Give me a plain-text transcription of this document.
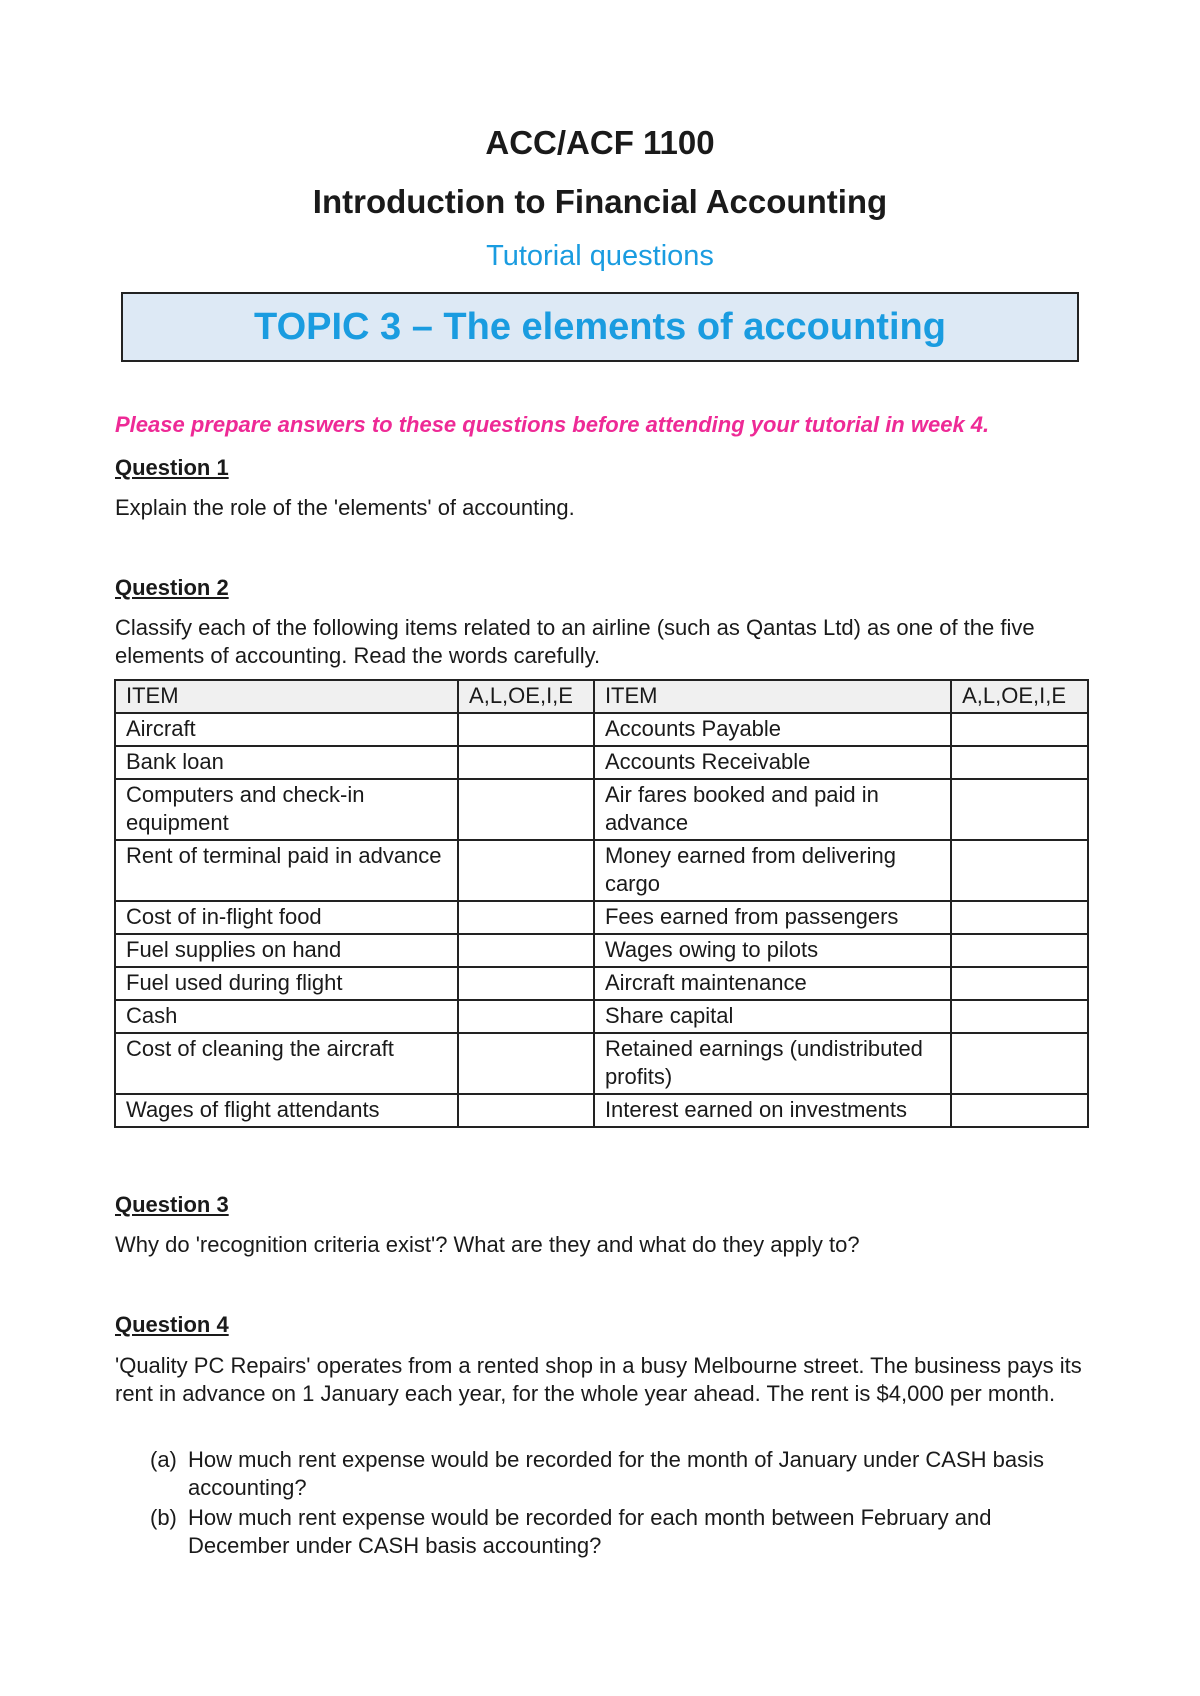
ACC/ACF 1100
Introduction to Financial Accounting
Tutorial questions
TOPIC 3 – The elements of accounting
Please prepare answers to these questions before attending your tutorial in week 4.
Question 1
Explain the role of the 'elements' of accounting.
Question 2
Classify each of the following items related to an airline (such as Qantas Ltd) as one of the five elements of accounting. Read the words carefully.
ITEM	A,L,OE,I,E	ITEM	A,L,OE,I,E
Aircraft		Accounts Payable	
Bank loan		Accounts Receivable	
Computers and check-in equipment		Air fares booked and paid in advance	
Rent of terminal paid in advance		Money earned from delivering cargo	
Cost of in-flight food		Fees earned from passengers	
Fuel supplies on hand		Wages owing to pilots	
Fuel used during flight		Aircraft maintenance	
Cash		Share capital	
Cost of cleaning the aircraft		Retained earnings (undistributed profits)	
Wages of flight attendants		Interest earned on investments	
Question 3
Why do 'recognition criteria exist'? What are they and what do they apply to?
Question 4
'Quality PC Repairs' operates from a rented shop in a busy Melbourne street. The business pays its rent in advance on 1 January each year, for the whole year ahead. The rent is $4,000 per month.
(a) How much rent expense would be recorded for the month of January under CASH basis accounting?
(b) How much rent expense would be recorded for each month between February and December under CASH basis accounting?
